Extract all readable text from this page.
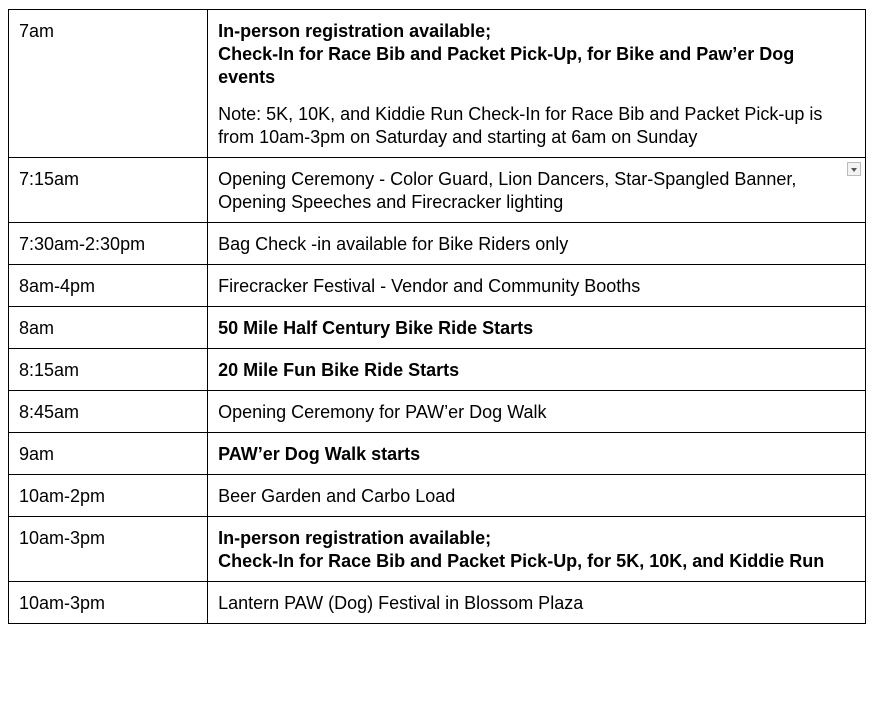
7am	In-person registration available;
Check-In for Race Bib and Packet Pick-Up, for Bike and Paw’er Dog events
Note: 5K, 10K, and Kiddie Run Check-In for Race Bib and Packet Pick-up is from 10am-3pm on Saturday and starting at 6am on Sunday

7:15am	Opening Ceremony - Color Guard, Lion Dancers, Star-Spangled Banner, Opening Speeches and Firecracker lighting

7:30am-2:30pm	Bag Check -in available for Bike Riders only
8am-4pm	Firecracker Festival - Vendor and Community Booths
8am	50 Mile Half Century Bike Ride Starts
8:15am	20 Mile Fun Bike Ride Starts
8:45am	Opening Ceremony for PAW’er Dog Walk
9am	PAW’er Dog Walk starts
10am-2pm	Beer Garden and Carbo Load
10am-3pm	In-person registration available;
Check-In for Race Bib and Packet Pick-Up, for 5K, 10K, and Kiddie Run

10am-3pm	Lantern PAW (Dog) Festival in Blossom Plaza
